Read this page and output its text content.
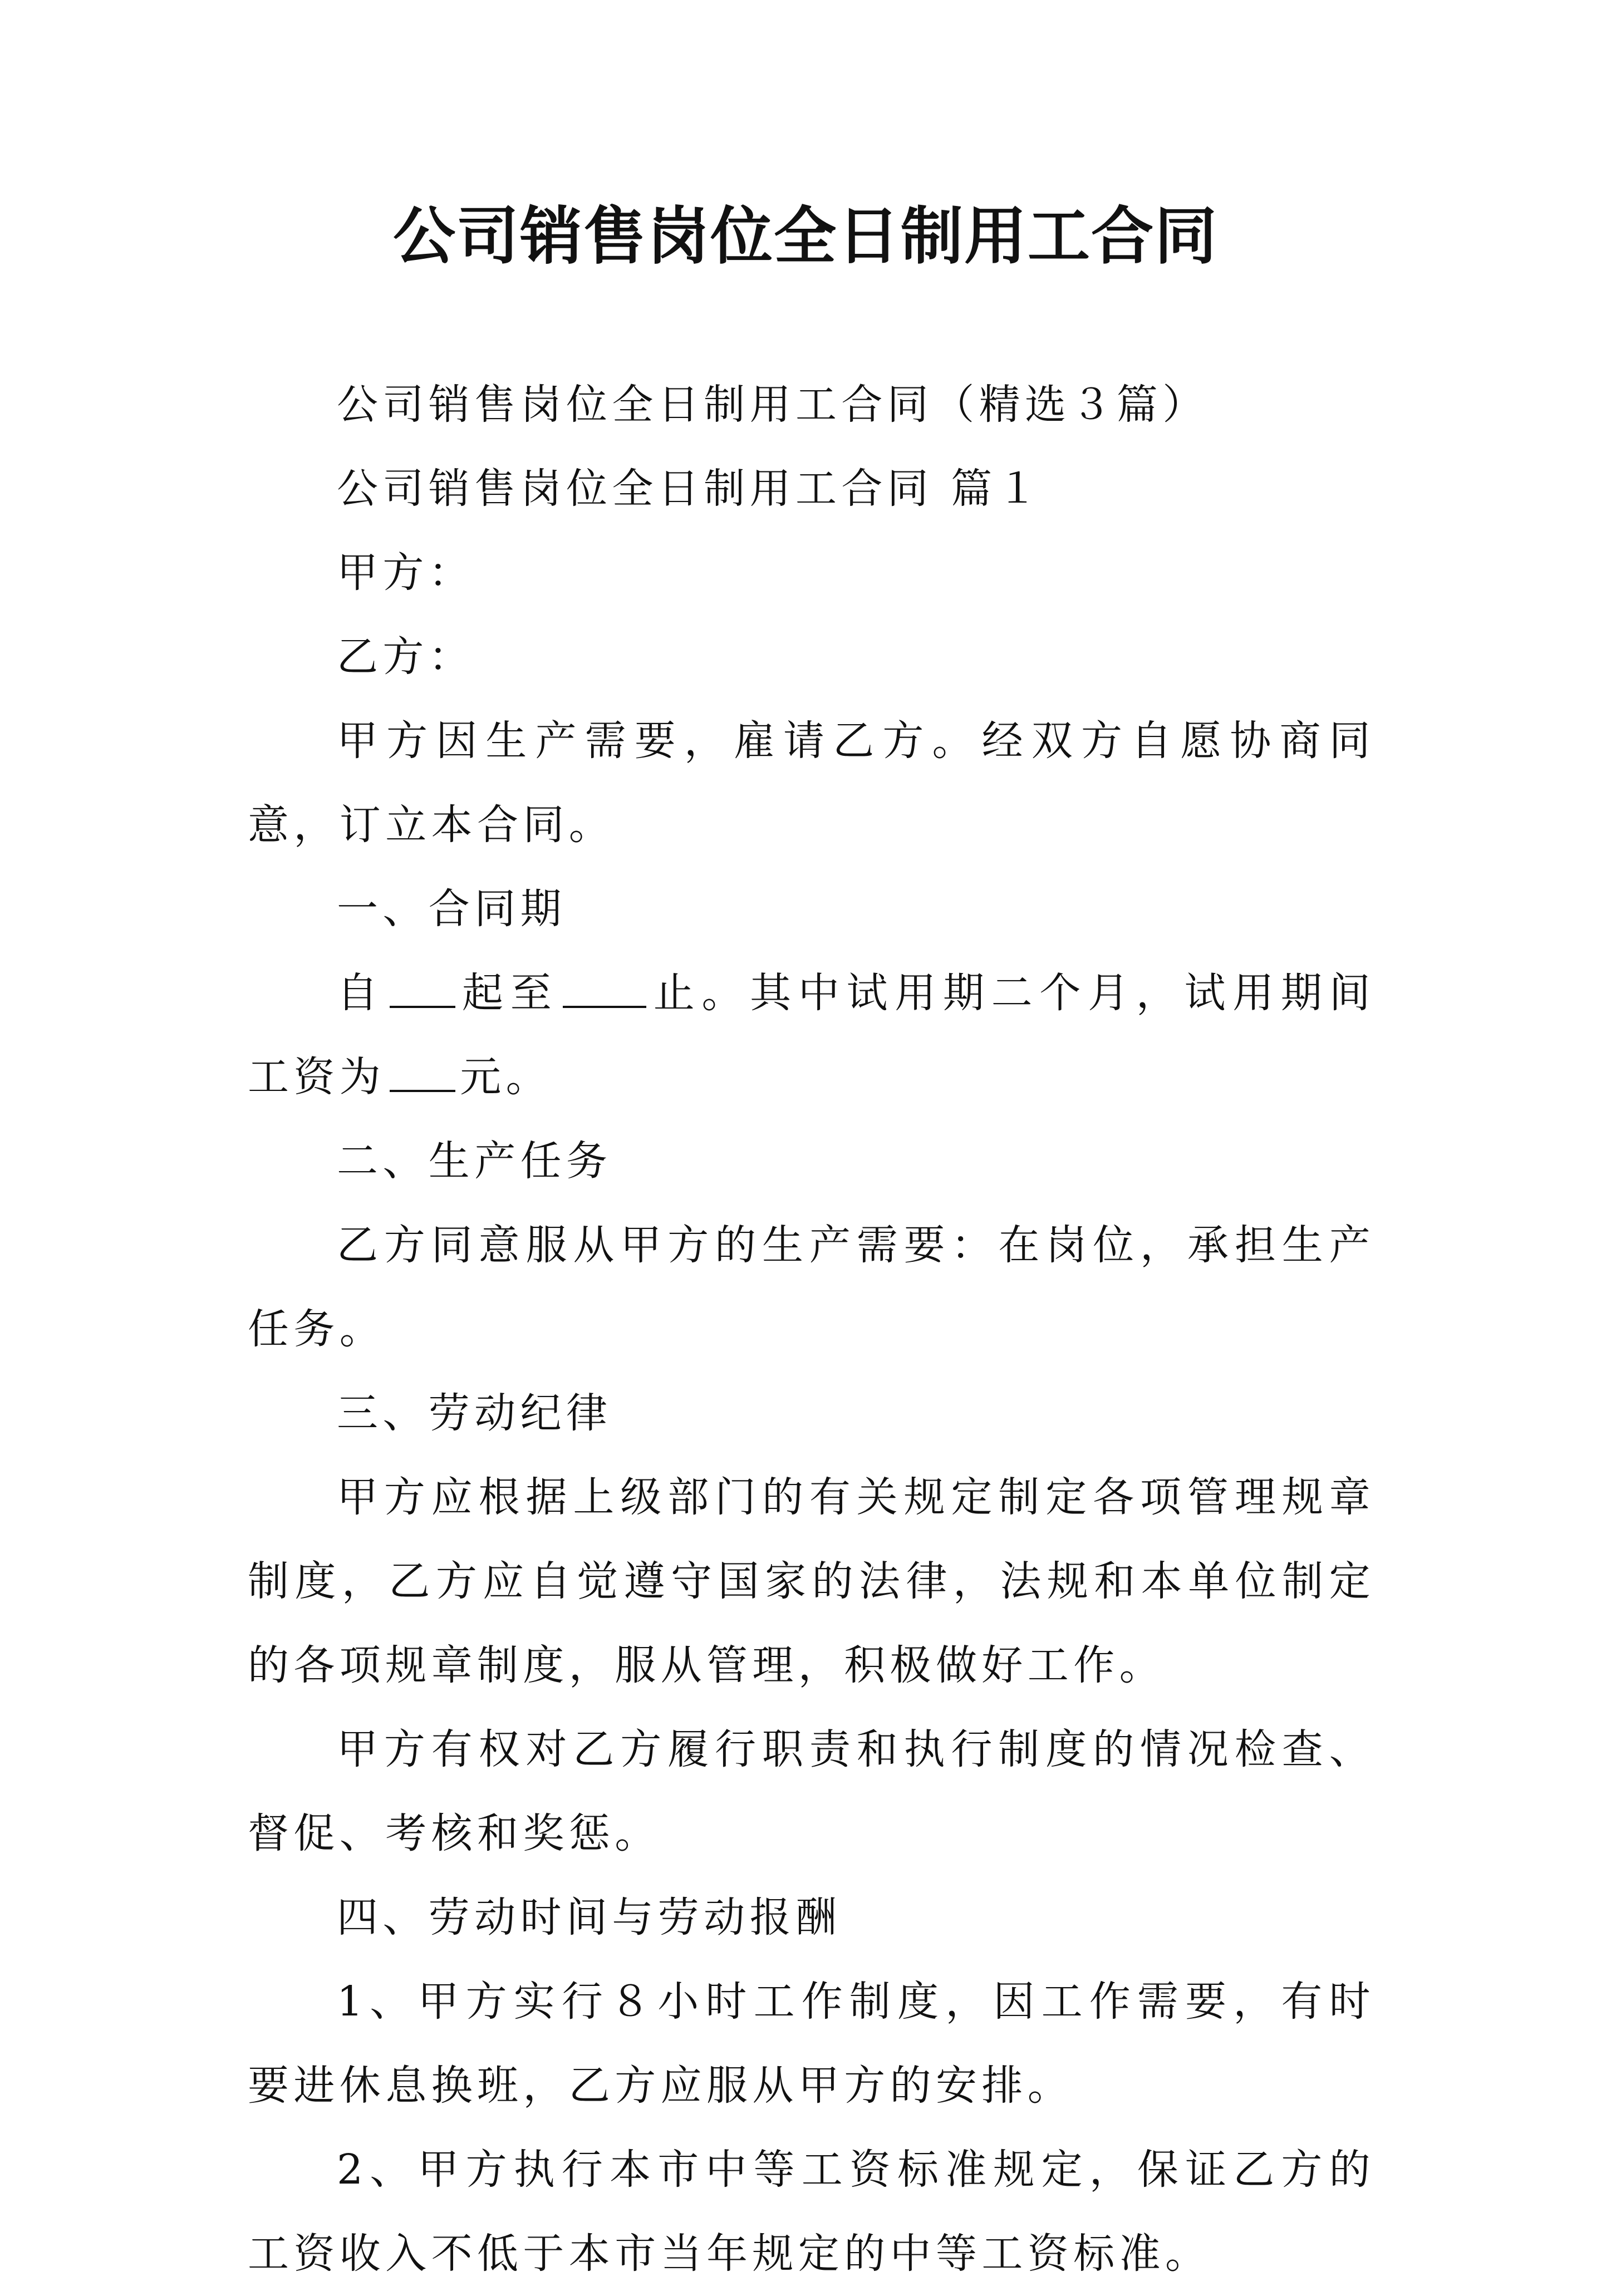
公司销售岗位全日制用工合同

公司销售岗位全日制用工合同（精选３篇）

公司销售岗位全日制用工合同 篇１

甲方：

乙方：

甲方因生产需要，雇请乙方。经双方自愿协商同意，订立本合同。

一、合同期

自 起至 止。其中试用期二个月，试用期间工资为 元。

二、生产任务

乙方同意服从甲方的生产需要：在岗位，承担生产任务。

三、劳动纪律

甲方应根据上级部门的有关规定制定各项管理规章制度，乙方应自觉遵守国家的法律，法规和本单位制定的各项规章制度，服从管理，积极做好工作。

甲方有权对乙方履行职责和执行制度的情况检查、督促、考核和奖惩。

四、劳动时间与劳动报酬

1、甲方实行８小时工作制度，因工作需要，有时要进休息换班，乙方应服从甲方的安排。

2、甲方执行本市中等工资标准规定，保证乙方的工资收入不低于本市当年规定的中等工资标准。
